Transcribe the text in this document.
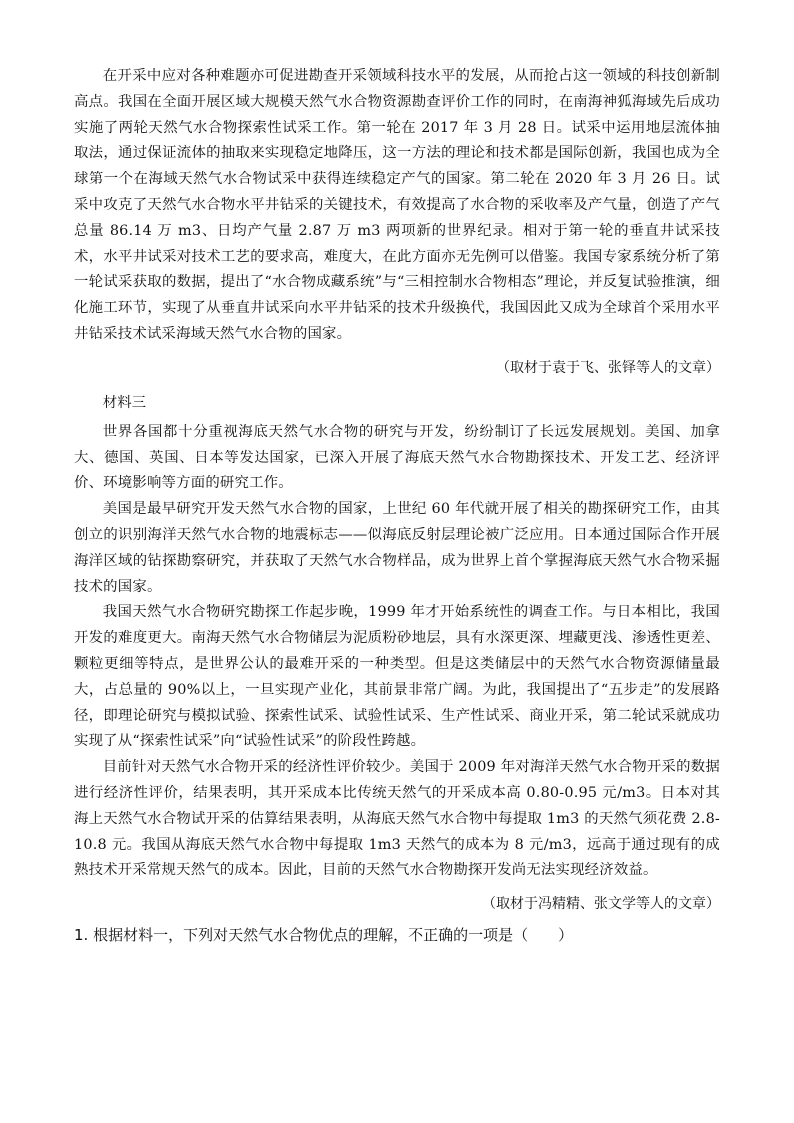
在开采中应对各种难题亦可促进勘查开采领域科技水平的发展，从而抢占这一领域的科技创新制高点。我国在全面开展区域大规模天然气水合物资源勘查评价工作的同时，在南海神狐海域先后成功实施了两轮天然气水合物探索性试采工作。第一轮在 2017 年 3 月 28 日。试采中运用地层流体抽取法，通过保证流体的抽取来实现稳定地降压，这一方法的理论和技术都是国际创新，我国也成为全球第一个在海域天然气水合物试采中获得连续稳定产气的国家。第二轮在 2020 年 3 月 26 日。试采中攻克了天然气水合物水平井钻采的关键技术，有效提高了水合物的采收率及产气量，创造了产气总量 86.14 万 m3、日均产气量 2.87 万 m3 两项新的世界纪录。相对于第一轮的垂直井试采技术，水平井试采对技术工艺的要求高，难度大，在此方面亦无先例可以借鉴。我国专家系统分析了第一轮试采获取的数据，提出了“水合物成藏系统”与“三相控制水合物相态”理论，并反复试验推演，细化施工环节，实现了从垂直井试采向水平井钻采的技术升级换代，我国因此又成为全球首个采用水平井钻采技术试采海域天然气水合物的国家。

（取材于袁于飞、张铎等人的文章）

材料三

世界各国都十分重视海底天然气水合物的研究与开发，纷纷制订了长远发展规划。美国、加拿大、德国、英国、日本等发达国家，已深入开展了海底天然气水合物勘探技术、开发工艺、经济评价、环境影响等方面的研究工作。

美国是最早研究开发天然气水合物的国家，上世纪 60 年代就开展了相关的勘探研究工作，由其创立的识别海洋天然气水合物的地震标志——似海底反射层理论被广泛应用。日本通过国际合作开展海洋区域的钻探勘察研究，并获取了天然气水合物样品，成为世界上首个掌握海底天然气水合物采掘技术的国家。

我国天然气水合物研究勘探工作起步晚，1999 年才开始系统性的调查工作。与日本相比，我国开发的难度更大。南海天然气水合物储层为泥质粉砂地层，具有水深更深、埋藏更浅、渗透性更差、颗粒更细等特点，是世界公认的最难开采的一种类型。但是这类储层中的天然气水合物资源储量最大，占总量的 90%以上，一旦实现产业化，其前景非常广阔。为此，我国提出了“五步走”的发展路径，即理论研究与模拟试验、探索性试采、试验性试采、生产性试采、商业开采，第二轮试采就成功实现了从“探索性试采”向“试验性试采”的阶段性跨越。

目前针对天然气水合物开采的经济性评价较少。美国于 2009 年对海洋天然气水合物开采的数据进行经济性评价，结果表明，其开采成本比传统天然气的开采成本高 0.80-0.95 元/m3。日本对其海上天然气水合物试开采的估算结果表明，从海底天然气水合物中每提取 1m3 的天然气须花费 2.8-10.8 元。我国从海底天然气水合物中每提取 1m3 天然气的成本为 8 元/m3，远高于通过现有的成熟技术开采常规天然气的成本。因此，目前的天然气水合物勘探开发尚无法实现经济效益。

（取材于冯精精、张文学等人的文章）

1. 根据材料一，下列对天然气水合物优点的理解，不正确的一项是（　　）
